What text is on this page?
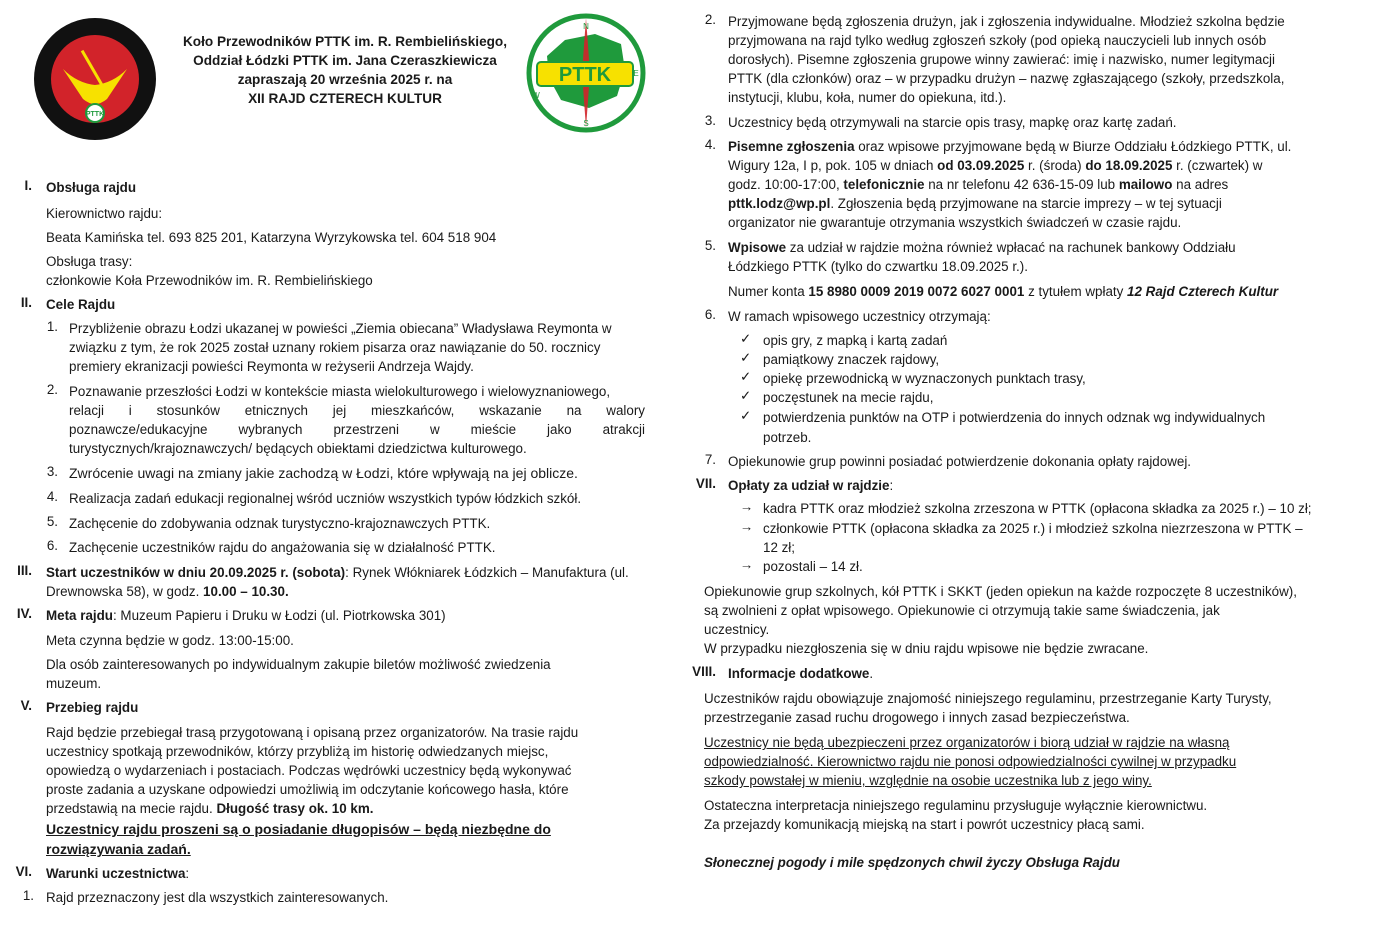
PTTK
Koło Przewodników PTTK im. R. Rembielińskiego,
Oddział Łódzki PTTK im. Jana Czeraszkiewicza
zapraszają 20 września 2025 r. na
XII RAJD CZTERECH KULTUR
PTTK
N
S
E
W
I. Obsługa rajdu
Kierownictwo rajdu:
Beata Kamińska tel. 693 825 201, Katarzyna Wyrzykowska tel. 604 518 904
Obsługa trasy:
członkowie Koła Przewodników im. R. Rembielińskiego
II. Cele Rajdu
1. Przybliżenie obrazu Łodzi ukazanej w powieści „Ziemia obiecana” Władysława Reymonta w
związku z tym, że rok 2025 został uznany rokiem pisarza oraz nawiązanie do 50. rocznicy
premiery ekranizacji powieści Reymonta w reżyserii Andrzeja Wajdy.
2. Poznawanie przeszłości Łodzi w kontekście miasta wielokulturowego i wielowyznaniowego,
relacji i stosunków etnicznych jej mieszkańców, wskazanie na walory
poznawcze/edukacyjne wybranych przestrzeni w mieście jako atrakcji
turystycznych/krajoznawczych/ będących obiektami dziedzictwa kulturowego.
3. Zwrócenie uwagi na zmiany jakie zachodzą w Łodzi, które wpływają na jej oblicze.
4. Realizacja zadań edukacji regionalnej wśród uczniów wszystkich typów łódzkich szkół.
5. Zachęcenie do zdobywania odznak turystyczno-krajoznawczych PTTK.
6. Zachęcenie uczestników rajdu do angażowania się w działalność PTTK.
III. Start uczestników w dniu 20.09.2025 r. (sobota): Rynek Włókniarek Łódzkich – Manufaktura (ul.
Drewnowska 58), w godz. 10.00 – 10.30.
IV. Meta rajdu: Muzeum Papieru i Druku w Łodzi (ul. Piotrkowska 301)
Meta czynna będzie w godz. 13:00-15:00.
Dla osób zainteresowanych po indywidualnym zakupie biletów możliwość zwiedzenia
muzeum.
V. Przebieg rajdu
Rajd będzie przebiegał trasą przygotowaną i opisaną przez organizatorów. Na trasie rajdu
uczestnicy spotkają przewodników, którzy przybliżą im historię odwiedzanych miejsc,
opowiedzą o wydarzeniach i postaciach. Podczas wędrówki uczestnicy będą wykonywać
proste zadania a uzyskane odpowiedzi umożliwią im odczytanie końcowego hasła, które
przedstawią na mecie rajdu. Długość trasy ok. 10 km.
Uczestnicy rajdu proszeni są o posiadanie długopisów – będą niezbędne do
rozwiązywania zadań.
VI. Warunki uczestnictwa:
1. Rajd przeznaczony jest dla wszystkich zainteresowanych.
2. Przyjmowane będą zgłoszenia drużyn, jak i zgłoszenia indywidualne. Młodzież szkolna będzie
przyjmowana na rajd tylko według zgłoszeń szkoły (pod opieką nauczycieli lub innych osób
dorosłych). Pisemne zgłoszenia grupowe winny zawierać: imię i nazwisko, numer legitymacji
PTTK (dla członków) oraz – w przypadku drużyn – nazwę zgłaszającego (szkoły, przedszkola,
instytucji, klubu, koła, numer do opiekuna, itd.).
3. Uczestnicy będą otrzymywali na starcie opis trasy, mapkę oraz kartę zadań.
4. Pisemne zgłoszenia oraz wpisowe przyjmowane będą w Biurze Oddziału Łódzkiego PTTK, ul.
Wigury 12a, I p, pok. 105 w dniach od 03.09.2025 r. (środa) do 18.09.2025 r. (czwartek) w
godz. 10:00-17:00, telefonicznie na nr telefonu 42 636-15-09 lub mailowo na adres
pttk.lodz@wp.pl. Zgłoszenia będą przyjmowane na starcie imprezy – w tej sytuacji
organizator nie gwarantuje otrzymania wszystkich świadczeń w czasie rajdu.
5. Wpisowe za udział w rajdzie można również wpłacać na rachunek bankowy Oddziału
Łódzkiego PTTK (tylko do czwartku 18.09.2025 r.).
Numer konta 15 8980 0009 2019 0072 6027 0001 z tytułem wpłaty 12 Rajd Czterech Kultur
6. W ramach wpisowego uczestnicy otrzymają:
✓ opis gry, z mapką i kartą zadań
✓ pamiątkowy znaczek rajdowy,
✓ opiekę przewodnicką w wyznaczonych punktach trasy,
✓ poczęstunek na mecie rajdu,
✓ potwierdzenia punktów na OTP i potwierdzenia do innych odznak wg indywidualnych
potrzeb.
7. Opiekunowie grup powinni posiadać potwierdzenie dokonania opłaty rajdowej.
VII. Opłaty za udział w rajdzie:
→ kadra PTTK oraz młodzież szkolna zrzeszona w PTTK (opłacona składka za 2025 r.) – 10 zł;
→ członkowie PTTK (opłacona składka za 2025 r.) i młodzież szkolna niezrzeszona w PTTK –
12 zł;
→ pozostali – 14 zł.
Opiekunowie grup szkolnych, kół PTTK i SKKT (jeden opiekun na każde rozpoczęte 8 uczestników),
są zwolnieni z opłat wpisowego. Opiekunowie ci otrzymują takie same świadczenia, jak
uczestnicy.
W przypadku niezgłoszenia się w dniu rajdu wpisowe nie będzie zwracane.
VIII. Informacje dodatkowe.
Uczestników rajdu obowiązuje znajomość niniejszego regulaminu, przestrzeganie Karty Turysty,
przestrzeganie zasad ruchu drogowego i innych zasad bezpieczeństwa.
Uczestnicy nie będą ubezpieczeni przez organizatorów i biorą udział w rajdzie na własną
odpowiedzialność. Kierownictwo rajdu nie ponosi odpowiedzialności cywilnej w przypadku
szkody powstałej w mieniu, względnie na osobie uczestnika lub z jego winy.
Ostateczna interpretacja niniejszego regulaminu przysługuje wyłącznie kierownictwu.
Za przejazdy komunikacją miejską na start i powrót uczestnicy płacą sami.
Słonecznej pogody i mile spędzonych chwil życzy Obsługa Rajdu
